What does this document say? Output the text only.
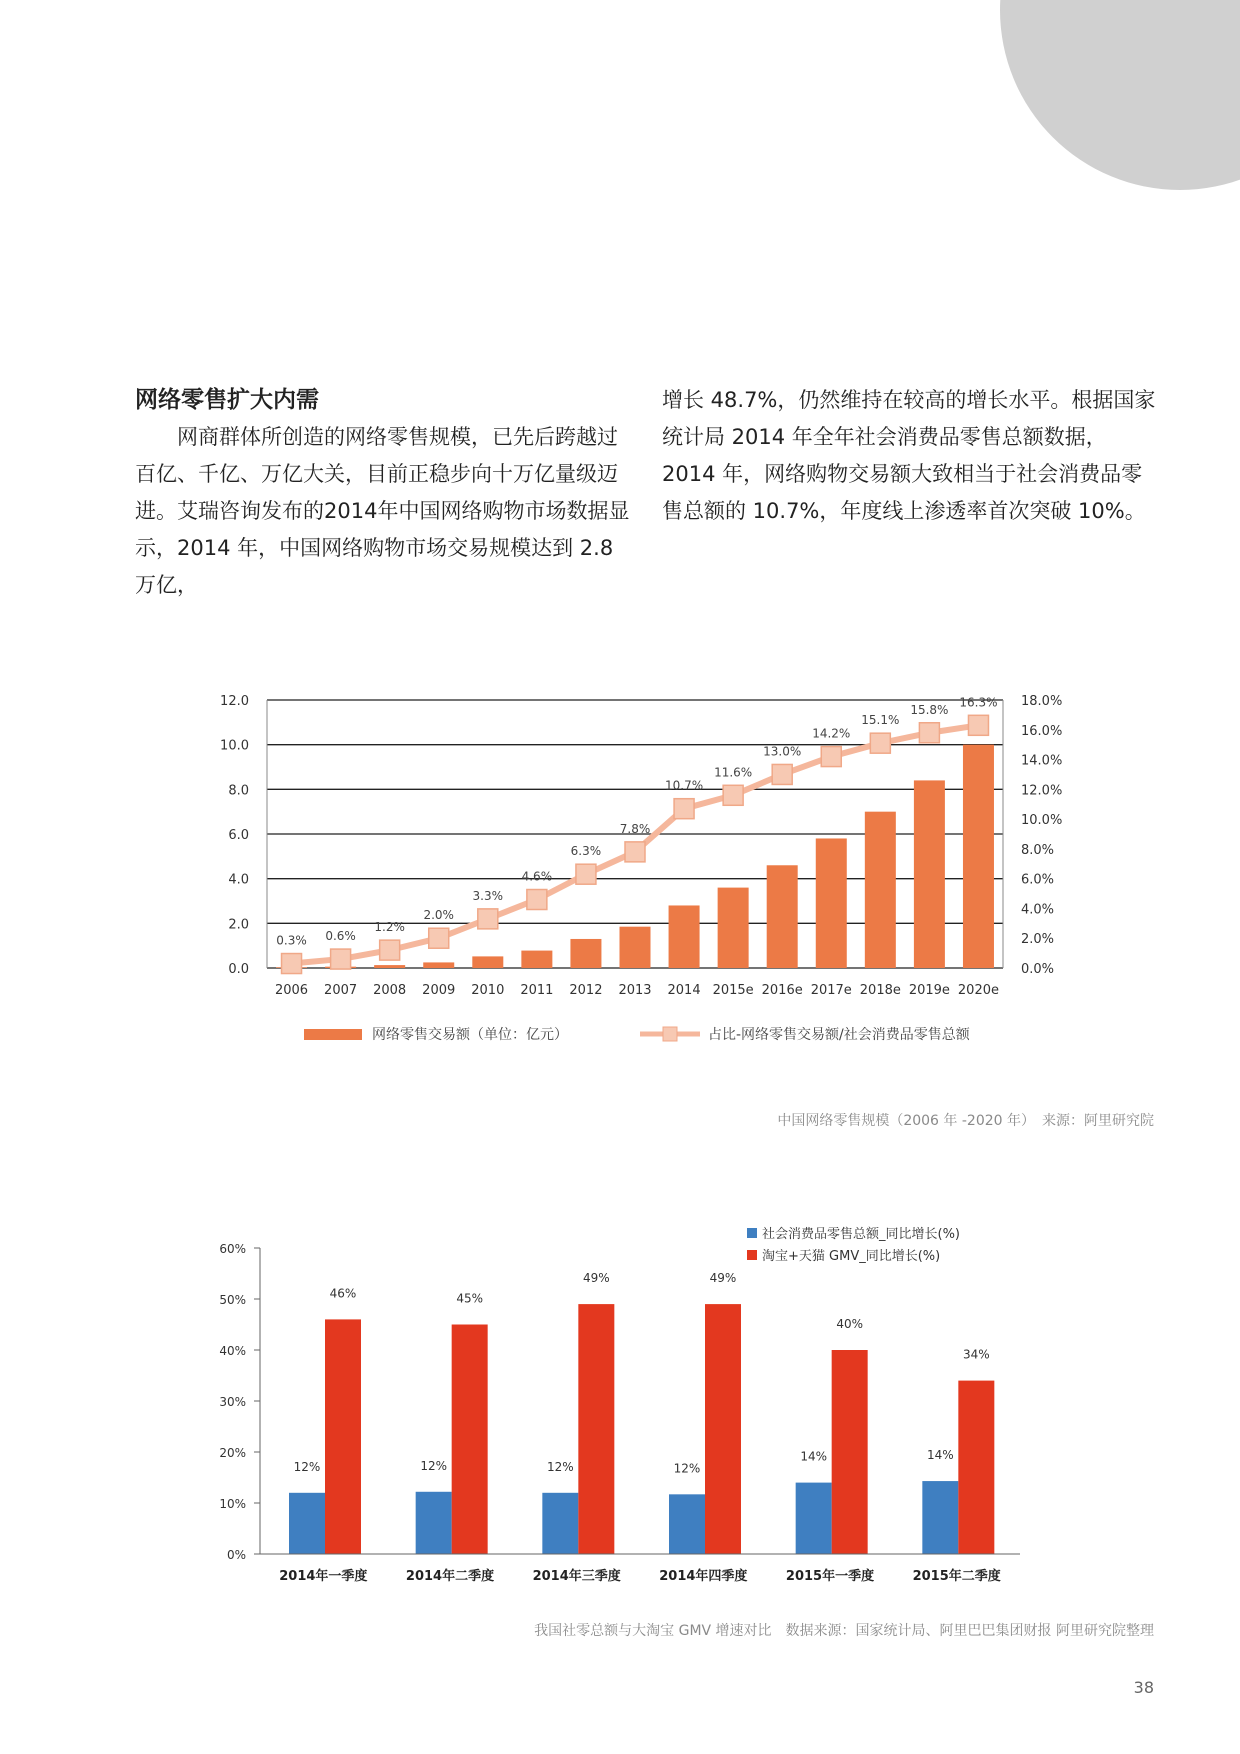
网络零售扩大内需

网商群体所创造的网络零售规模，已先后跨越过百亿、千亿、万亿大关，目前正稳步向十万亿量级迈进。艾瑞咨询发布的2014年中国网络购物市场数据显示，2014 年，中国网络购物市场交易规模达到 2.8 万亿，

增长 48.7%，仍然维持在较高的增长水平。根据国家统计局 2014 年全年社会消费品零售总额数据，2014 年，网络购物交易额大致相当于社会消费品零售总额的 10.7%，年度线上渗透率首次突破 10%。

0.3% 0.6%
1.2%
2.0%
3.3%
4.6%
6.3%
7.8%
10.7%
11.6%
13.0%
14.2%
15.1%
15.8%
16.3%
0.0
2.0
4.0
6.0
8.0
10.0
12.0
0.0%
2.0%
4.0%
6.0%
8.0%
10.0%
12.0%
14.0%
16.0%
18.0%
2006 2007 2008 2009 2010 2011 2012 2013 2014 2015e 2016e 2017e 2018e 2019e 2020e
网络零售交易额（单位：亿元）	占比-网络零售交易额/社会消费品零售总额
中国网络零售规模（2006 年 -2020 年）　来源：阿里研究院
12%
46%
12%
45%
12%
49%
12%
49%
14%
40%
14%
34%
0%
10%
20%
30%
40%
50%
60%
2014年一季度	2014年二季度	2014年三季度	2014年四季度	2015年一季度	2015年二季度
社会消费品零售总额_同比增长(%)
淘宝+天猫 GMV_同比增长(%)
我国社零总额与大淘宝 GMV 增速对比　数据来源：国家统计局、阿里巴巴集团财报 阿里研究院整理
38
